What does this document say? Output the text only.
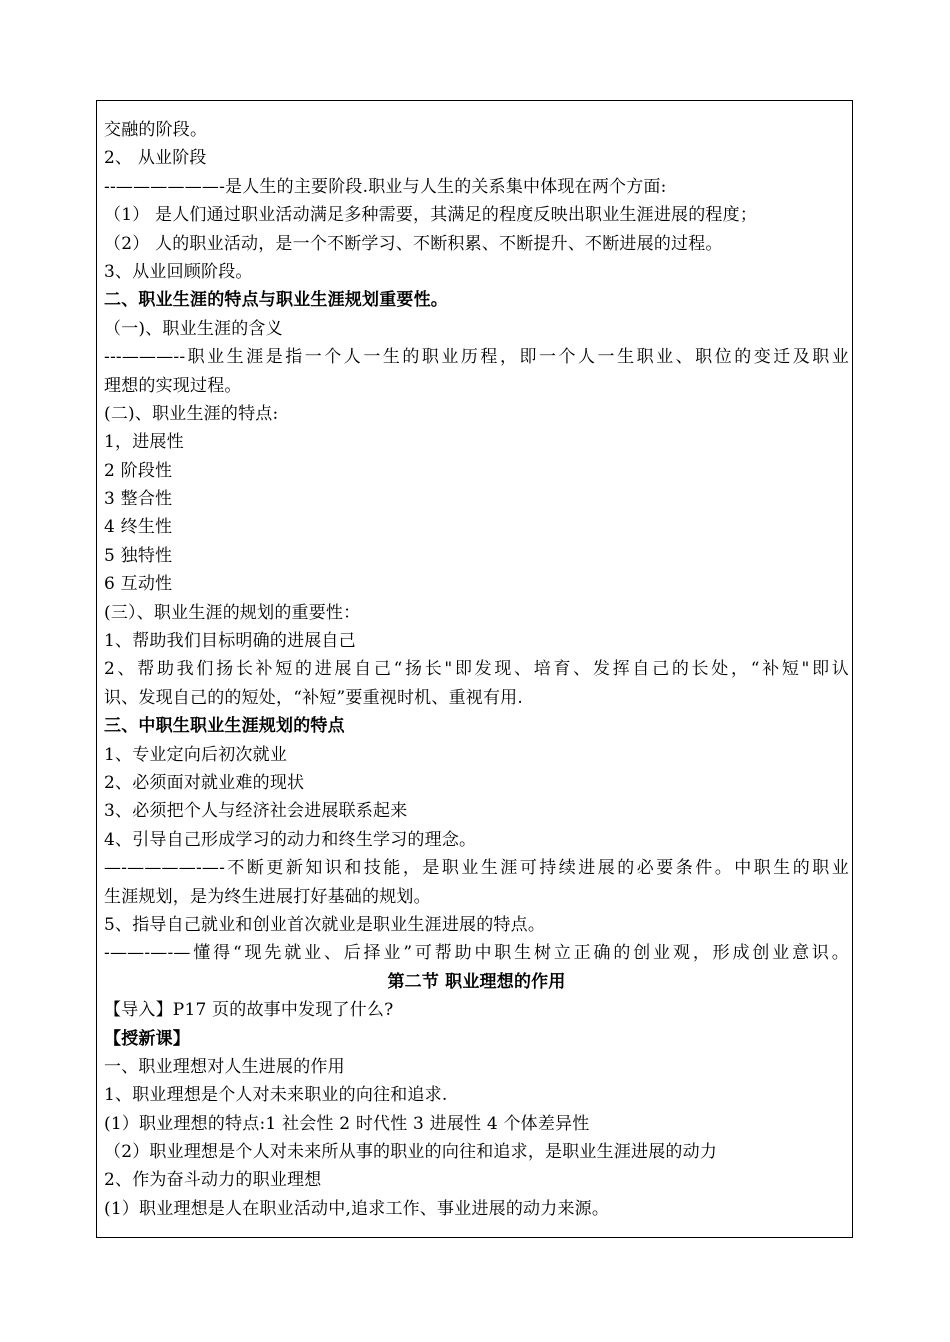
交融的阶段。
2、 从业阶段
--——————-是人生的主要阶段.职业与人生的关系集中体现在两个方面:
（1） 是人们通过职业活动满足多种需要，其满足的程度反映出职业生涯进展的程度；
（2） 人的职业活动，是一个不断学习、不断积累、不断提升、不断进展的过程。
3、从业回顾阶段。
二、职业生涯的特点与职业生涯规划重要性。
（一)、职业生涯的含义
---———--职业生涯是指一个人一生的职业历程，即一个人一生职业、职位的变迁及职业
理想的实现过程。
(二)、职业生涯的特点:
1，进展性
2 阶段性
3 整合性
4 终生性
5 独特性
6 互动性
(三）、职业生涯的规划的重要性：
1、帮助我们目标明确的进展自己
2、帮助我们扬长补短的进展自己“扬长"即发现、培育、发挥自己的长处，“补短"即认
识、发现自己的的短处，“补短”要重视时机、重视有用.
三、中职生职业生涯规划的特点
1、专业定向后初次就业
2、必须面对就业难的现状
3、必须把个人与经济社会进展联系起来
4、引导自己形成学习的动力和终生学习的理念。
—-————-—-不断更新知识和技能，是职业生涯可持续进展的必要条件。中职生的职业
生涯规划，是为终生进展打好基础的规划。
5、指导自己就业和创业首次就业是职业生涯进展的特点。
-——-—-—懂得“现先就业、后择业”可帮助中职生树立正确的创业观，形成创业意识。
第二节 职业理想的作用
【导入】P17 页的故事中发现了什么?
【授新课】
一、职业理想对人生进展的作用
1、职业理想是个人对未来职业的向往和追求.
(1）职业理想的特点:1 社会性 2 时代性 3 进展性 4 个体差异性
（2）职业理想是个人对未来所从事的职业的向往和追求，是职业生涯进展的动力
2、作为奋斗动力的职业理想
(1）职业理想是人在职业活动中,追求工作、事业进展的动力来源。
